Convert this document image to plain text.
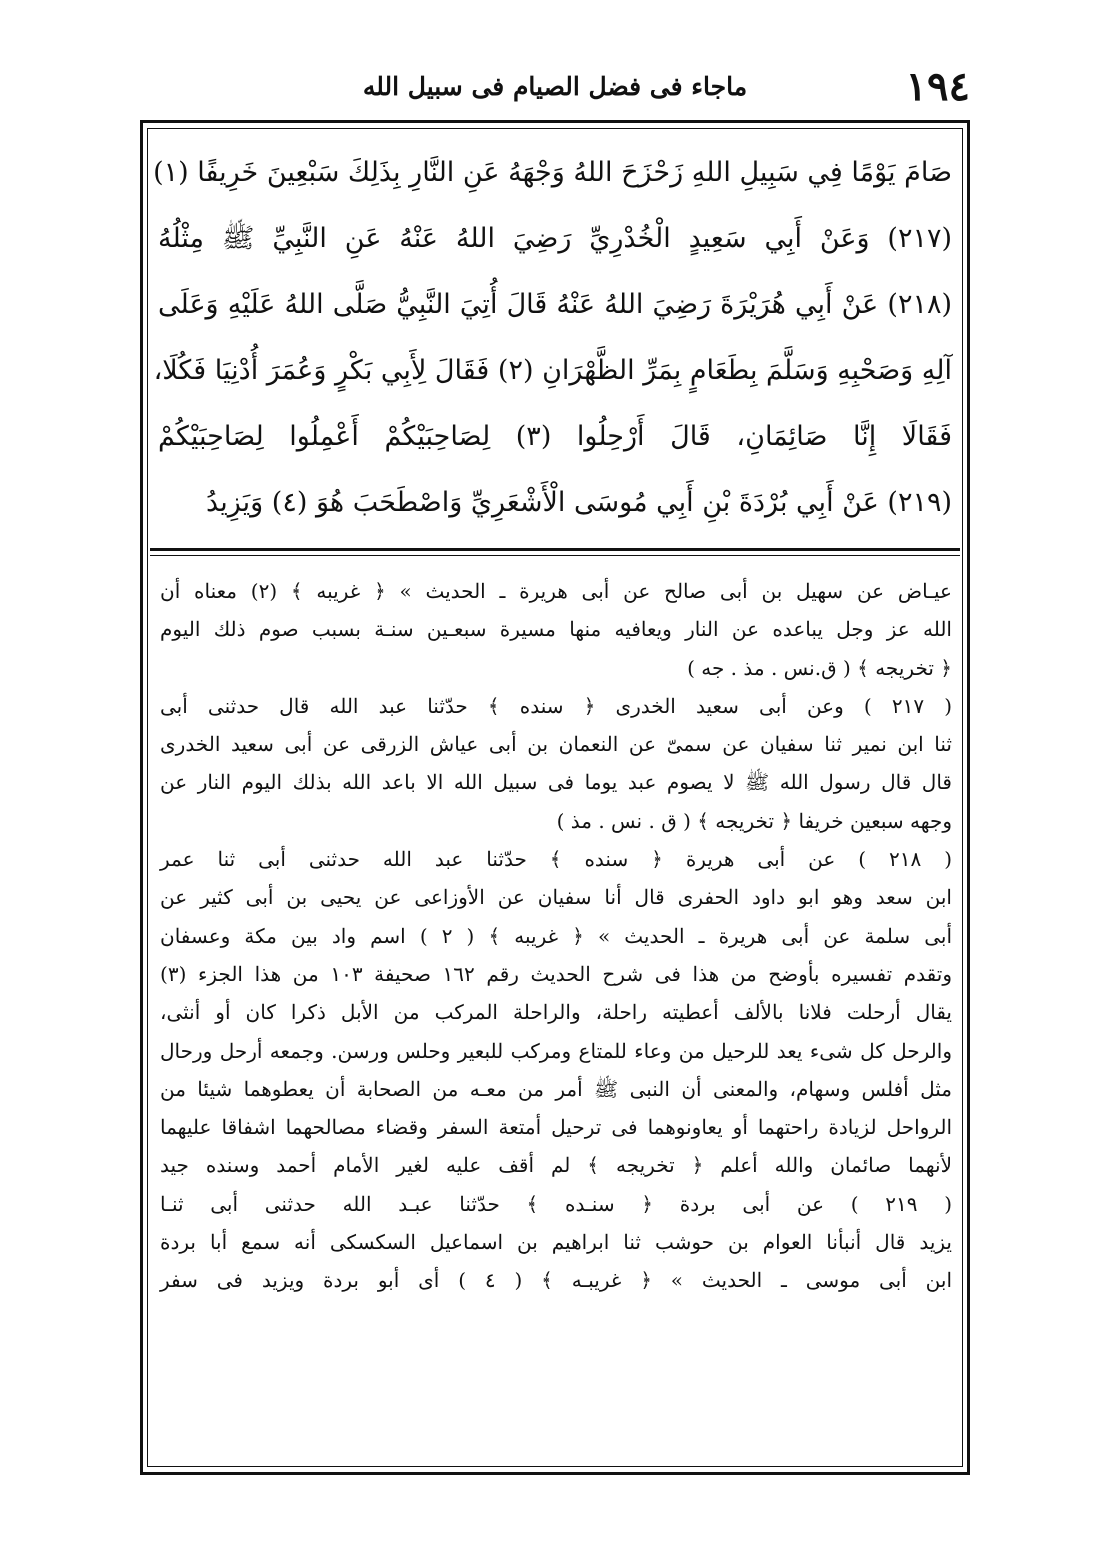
١٩٤
ماجاء فى فضل الصيام فى سبيل الله
صَامَ يَوْمًا فِي سَبِيلِ اللهِ زَحْزَحَ اللهُ وَجْهَهُ عَنِ النَّارِ بِذَلِكَ سَبْعِينَ خَرِيفًا (١)
(٢١٧) وَعَنْ أَبِي سَعِيدٍ الْخُدْرِيِّ رَضِيَ اللهُ عَنْهُ عَنِ النَّبِيِّ ﷺ مِثْلُهُ
(٢١٨) عَنْ أَبِي هُرَيْرَةَ رَضِيَ اللهُ عَنْهُ قَالَ أُتِيَ النَّبِيُّ صَلَّى اللهُ عَلَيْهِ وَعَلَى
آلِهِ وَصَحْبِهِ وَسَلَّمَ بِطَعَامٍ بِمَرِّ الظَّهْرَانِ (٢) فَقَالَ لِأَبِي بَكْرٍ وَعُمَرَ أُدْنِيَا فَكُلَا،
فَقَالَا إِنَّا صَائِمَانِ، قَالَ أَرْحِلُوا (٣) لِصَاحِبَيْكُمْ أَعْمِلُوا لِصَاحِبَيْكُمْ
(٢١٩) عَنْ أَبِي بُرْدَةَ بْنِ أَبِي مُوسَى الْأَشْعَرِيِّ وَاصْطَحَبَ هُوَ (٤) وَيَزِيدُ
عيـاض عن سهيل بن أبى صالح عن أبى هريرة ـ الحديث » ﴿ غريبه ﴾ (٢) معناه أن
الله عز وجل يباعده عن النار ويعافيه منها مسيرة سبعـين سنـة بسبب صوم ذلك اليوم
﴿ تخريجه ﴾ ( ق.نس . مذ . جه )
( ٢١٧ ) وعن أبى سعيد الخدرى ﴿ سنده ﴾ حدّثنا عبد الله قال حدثنى أبى
ثنا ابن نمير ثنا سفيان عن سمىّ عن النعمان بن أبى عياش الزرقى عن أبى سعيد الخدرى
قال قال رسول الله ﷺ لا يصوم عبد يوما فى سبيل الله الا باعد الله بذلك اليوم النار عن
وجهه سبعين خريفا ﴿ تخريجه ﴾ ( ق . نس . مذ )
( ٢١٨ ) عن أبى هريرة ﴿ سنده ﴾ حدّثنا عبد الله حدثنى أبى ثنا عمر
ابن سعد وهو ابو داود الحفرى قال أنا سفيان عن الأوزاعى عن يحيى بن أبى كثير عن
أبى سلمة عن أبى هريرة ـ الحديث » ﴿ غريبه ﴾ ( ٢ ) اسم واد بين مكة وعسفان
وتقدم تفسيره بأوضح من هذا فى شرح الحديث رقم ١٦٢ صحيفة ١٠٣ من هذا الجزء (٣)
يقال أرحلت فلانا بالألف أعطيته راحلة، والراحلة المركب من الأبل ذكرا كان أو أنثى،
والرحل كل شىء يعد للرحيل من وعاء للمتاع ومركب للبعير وحلس ورسن. وجمعه أرحل ورحال
مثل أفلس وسهام، والمعنى أن النبى ﷺ أمر من معـه من الصحابة أن يعطوهما شيئا من
الرواحل لزيادة راحتهما أو يعاونوهما فى ترحيل أمتعة السفر وقضاء مصالحهما اشفاقا عليهما
لأنهما صائمان والله أعلم ﴿ تخريجه ﴾ لم أقف عليه لغير الأمام أحمد وسنده جيد
( ٢١٩ ) عن أبى بردة ﴿ سنـده ﴾ حدّثنا عبـد الله حدثنى أبى ثنـا
يزيد قال أنبأنا العوام بن حوشب ثنا ابراهيم بن اسماعيل السكسكى أنه سمع أبا بردة
ابن أبى موسى ـ الحديث » ﴿ غريبـه ﴾ ( ٤ ) أى أبو بردة ويزيد فى سفر
